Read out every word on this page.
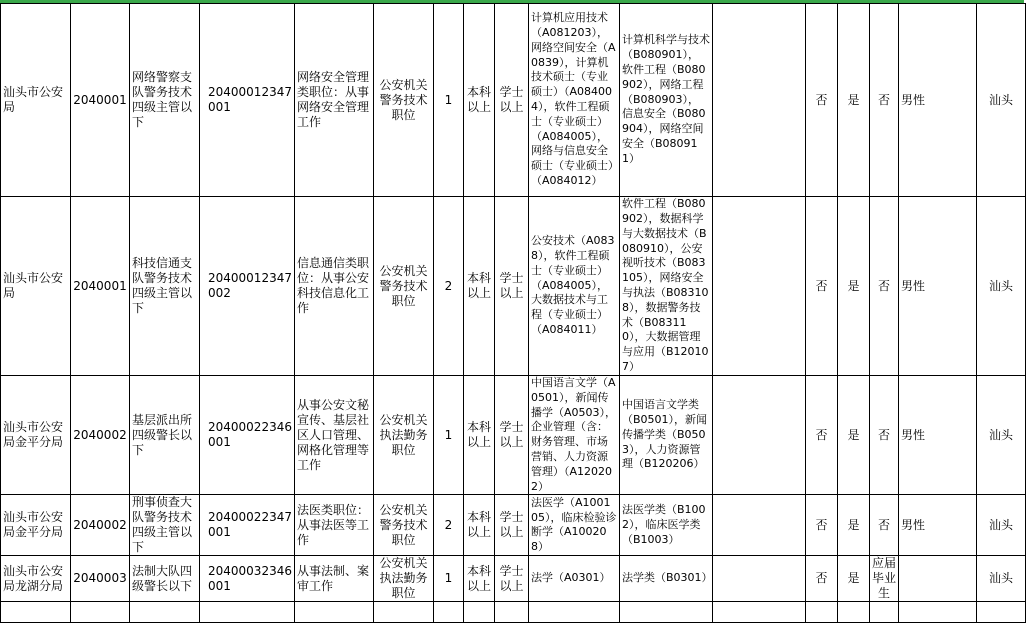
汕头市公安局	2040001	网络警察支队警务技术四级主管以下	20400012347001	网络安全管理类职位：从事网络安全管理工作	公安机关警务技术职位	1	本科以上	学士以上	计算机应用技术（A081203），网络空间安全（A0839），计算机技术硕士（专业硕士）（A084004），软件工程硕士（专业硕士）（A084005），网络与信息安全硕士（专业硕士）（A084012）	计算机科学与技术（B080901），软件工程（B080902），网络工程（B080903），信息安全（B080904），网络空间安全（B080911）		否	是	否	男性	汕头
汕头市公安局	2040001	科技信通支队警务技术四级主管以下	20400012347002	信息通信类职位：从事公安科技信息化工作	公安机关警务技术职位	2	本科以上	学士以上	公安技术（A0838），软件工程硕士（专业硕士）（A084005），大数据技术与工程（专业硕士）（A084011）	软件工程（B080902），数据科学与大数据技术（B080910），公安视听技术（B083105），网络安全与执法（B083108），数据警务技术（B083110），大数据管理与应用（B120107）		否	是	否	男性	汕头
汕头市公安局金平分局	2040002	基层派出所四级警长以下	20400022346001	从事公安文秘宣传、基层社区人口管理、网格化管理等工作	公安机关执法勤务职位	1	本科以上	学士以上	中国语言文学（A0501），新闻传播学（A0503），企业管理（含：财务管理、市场营销、人力资源管理）（A120202）	中国语言文学类（B0501），新闻传播学类（B0503），人力资源管理（B120206）		否	是	否	男性	汕头
汕头市公安局金平分局	2040002	刑事侦查大队警务技术四级主管以下	20400022347001	法医类职位：从事法医等工作	公安机关警务技术职位	2	本科以上	学士以上	法医学（A100105），临床检验诊断学（A100208）	法医学类（B1002），临床医学类（B1003）		否	是	否	男性	汕头
汕头市公安局龙湖分局	2040003	法制大队四级警长以下	20400032346001	从事法制、案审工作	公安机关执法勤务职位	1	本科以上	学士以上	法学（A0301）	法学类（B0301）		否	是	应届毕业生		汕头
